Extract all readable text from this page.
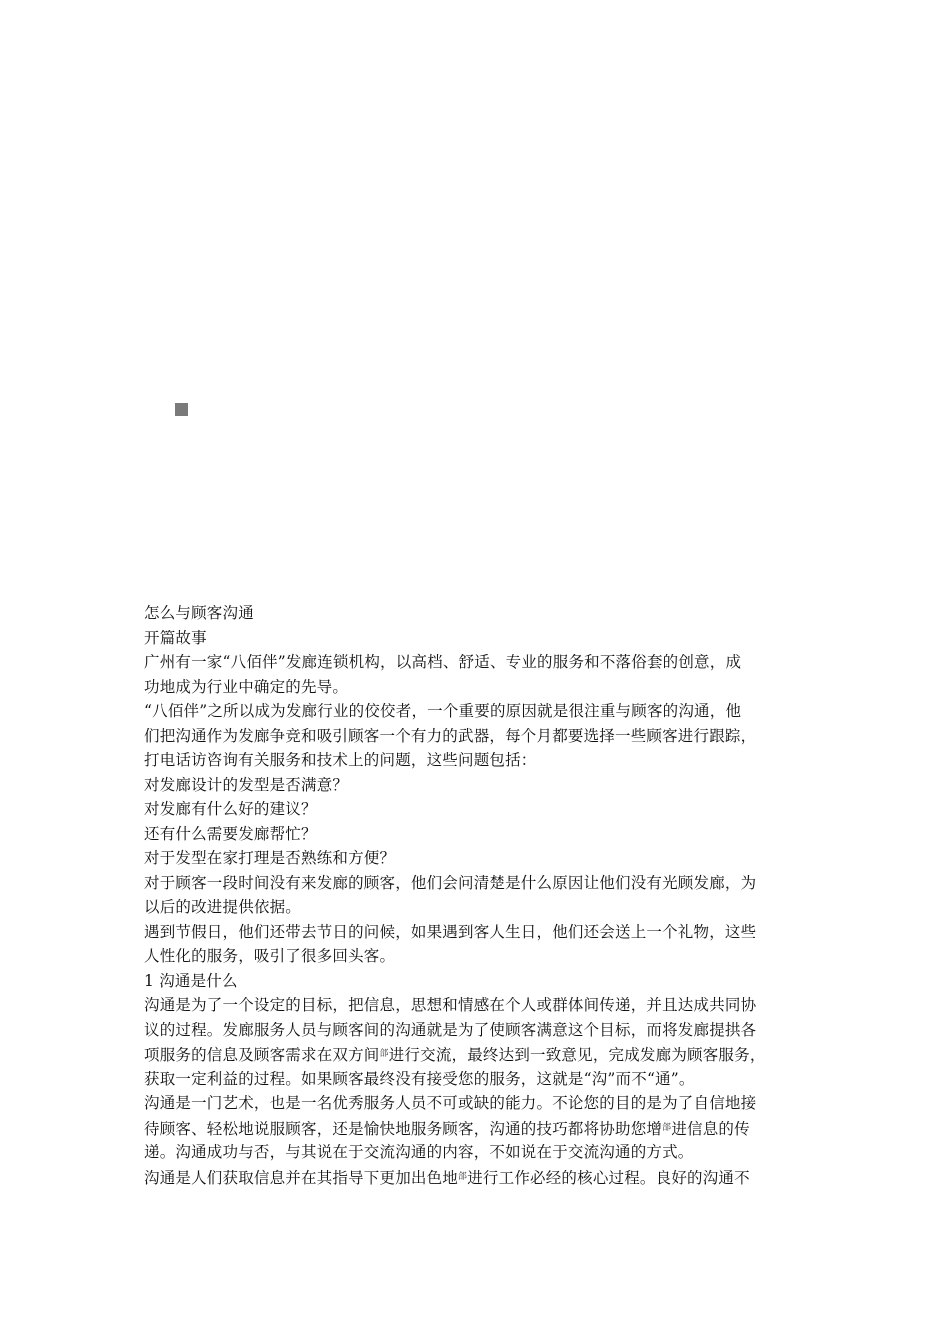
怎么与顾客沟通
开篇故事
广州有一家“八佰伴”发廊连锁机构，以高档、舒适、专业的服务和不落俗套的创意，成
功地成为行业中确定的先导。
“八佰伴”之所以成为发廊行业的佼佼者，一个重要的原因就是很注重与顾客的沟通，他
们把沟通作为发廊争竞和吸引顾客一个有力的武器，每个月都要选择一些顾客进行跟踪，
打电话访咨询有关服务和技术上的问题，这些问题包括：
对发廊设计的发型是否满意？
对发廊有什么好的建议？
还有什么需要发廊帮忙？
对于发型在家打理是否熟练和方便？
对于顾客一段时间没有来发廊的顾客，他们会问清楚是什么原因让他们没有光顾发廊，为
以后的改进提供依据。
遇到节假日，他们还带去节日的问候，如果遇到客人生日，他们还会送上一个礼物，这些
人性化的服务，吸引了很多回头客。
1 沟通是什么
沟通是为了一个设定的目标，把信息，思想和情感在个人或群体间传递，并且达成共同协
议的过程。发廊服务人员与顾客间的沟通就是为了使顾客满意这个目标，而将发廊提拱各
项服务的信息及顾客需求在双方间$^郃$进行交流，最终达到一致意见，完成发廊为顾客服务，
获取一定利益的过程。如果顾客最终没有接受您的服务，这就是“沟”而不“通”。
沟通是一门艺术，也是一名优秀服务人员不可或缺的能力。不论您的目的是为了自信地接
待顾客、轻松地说服顾客，还是愉快地服务顾客，沟通的技巧都将协助您增$^郃$进信息的传
递。沟通成功与否，与其说在于交流沟通的内容，不如说在于交流沟通的方式。
沟通是人们获取信息并在其指导下更加出色地$^郃$进行工作必经的核心过程。良好的沟通不
